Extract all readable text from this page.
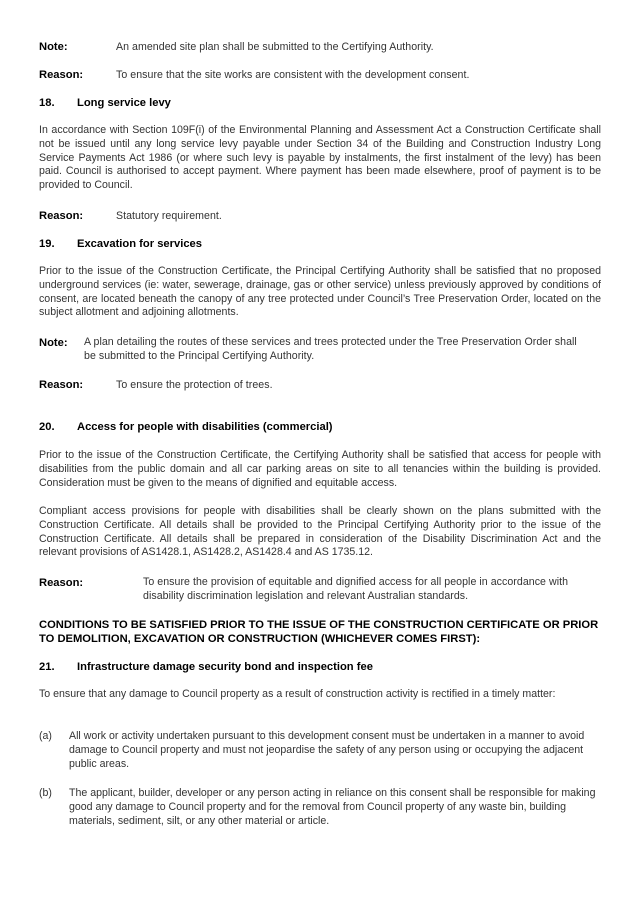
Note:	An amended site plan shall be submitted to the Certifying Authority.
Reason:	To ensure that the site works are consistent with the development consent.
18. Long service levy

In accordance with Section 109F(i) of the Environmental Planning and Assessment Act a Construction Certificate shall not be issued until any long service levy payable under Section 34 of the Building and Construction Industry Long Service Payments Act 1986 (or where such levy is payable by instalments, the first instalment of the levy) has been paid. Council is authorised to accept payment. Where payment has been made elsewhere, proof of payment is to be provided to Council.

Reason:	Statutory requirement.
19. Excavation for services

Prior to the issue of the Construction Certificate, the Principal Certifying Authority shall be satisfied that no proposed underground services (ie: water, sewerage, drainage, gas or other service) unless previously approved by conditions of consent, are located beneath the canopy of any tree protected under Council’s Tree Preservation Order, located on the subject allotment and adjoining allotments.

Note: A plan detailing the routes of these services and trees protected under the Tree Preservation Order shall be submitted to the Principal Certifying Authority.
Reason:	To ensure the protection of trees.
20. Access for people with disabilities (commercial)

Prior to the issue of the Construction Certificate, the Certifying Authority shall be satisfied that access for people with disabilities from the public domain and all car parking areas on site to all tenancies within the building is provided. Consideration must be given to the means of dignified and equitable access.

Compliant access provisions for people with disabilities shall be clearly shown on the plans submitted with the Construction Certificate. All details shall be provided to the Principal Certifying Authority prior to the issue of the Construction Certificate. All details shall be prepared in consideration of the Disability Discrimination Act and the relevant provisions of AS1428.1, AS1428.2, AS1428.4 and AS 1735.12.

Reason:	To ensure the provision of equitable and dignified access for all people in accordance with disability discrimination legislation and relevant Australian standards.

CONDITIONS TO BE SATISFIED PRIOR TO THE ISSUE OF THE CONSTRUCTION CERTIFICATE OR PRIOR TO DEMOLITION, EXCAVATION OR CONSTRUCTION (WHICHEVER COMES FIRST):

21. Infrastructure damage security bond and inspection fee

To ensure that any damage to Council property as a result of construction activity is rectified in a timely matter:

(a) All work or activity undertaken pursuant to this development consent must be undertaken in a manner to avoid damage to Council property and must not jeopardise the safety of any person using or occupying the adjacent public areas.

(b) The applicant, builder, developer or any person acting in reliance on this consent shall be responsible for making good any damage to Council property and for the removal from Council property of any waste bin, building materials, sediment, silt, or any other material or article.
